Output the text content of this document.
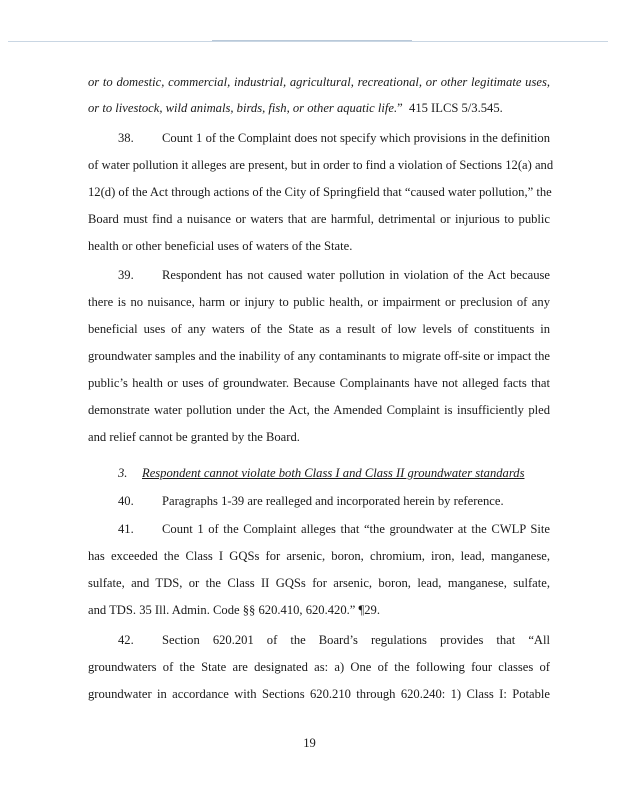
or to domestic, commercial, industrial, agricultural, recreational, or other legitimate uses,
or to livestock, wild animals, birds, fish, or other aquatic life.”  415 ILCS 5/3.545.
38. Count 1 of the Complaint does not specify which provisions in the definition
of water pollution it alleges are present, but in order to find a violation of Sections 12(a) and
12(d) of the Act through actions of the City of Springfield that “caused water pollution,” the
Board must find a nuisance or waters that are harmful, detrimental or injurious to public
health or other beneficial uses of waters of the State.
39. Respondent has not caused water pollution in violation of the Act because
there is no nuisance, harm or injury to public health, or impairment or preclusion of any
beneficial uses of any waters of the State as a result of low levels of constituents in
groundwater samples and the inability of any contaminants to migrate off-site or impact the
public’s health or uses of groundwater. Because Complainants have not alleged facts that
demonstrate water pollution under the Act, the Amended Complaint is insufficiently pled
and relief cannot be granted by the Board.
3. Respondent cannot violate both Class I and Class II groundwater standards
40. Paragraphs 1-39 are realleged and incorporated herein by reference.
41. Count 1 of the Complaint alleges that “the groundwater at the CWLP Site
has exceeded the Class I GQSs for arsenic, boron, chromium, iron, lead, manganese,
sulfate, and TDS, or the Class II GQSs for arsenic, boron, lead, manganese, sulfate,
and TDS. 35 Ill. Admin. Code §§ 620.410, 620.420.” ¶29.
42. Section 620.201 of the Board’s regulations provides that “All
groundwaters of the State are designated as: a) One of the following four classes of
groundwater in accordance with Sections 620.210 through 620.240: 1) Class I: Potable
19
